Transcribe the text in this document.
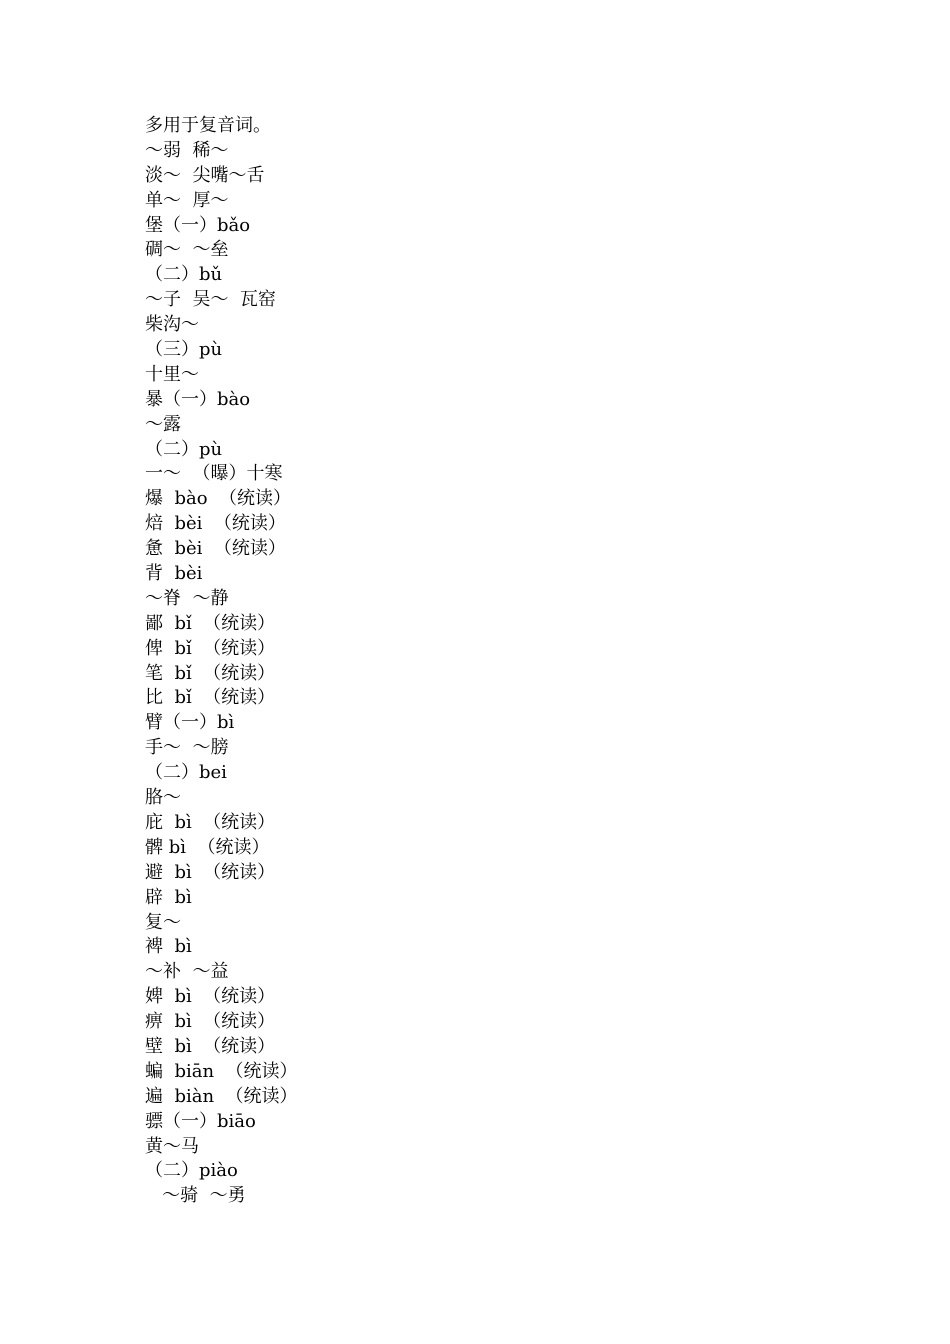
多用于复音词。
～弱  稀～
淡～  尖嘴～舌
单～  厚～
堡（一）bǎo
碉～  ～垒
（二）bǔ
～子  吴～  瓦窑
柴沟～
（三）pù
十里～
暴（一）bào
～露
（二）pù
一～  （曝）十寒
爆  bào  （统读）
焙  bèi  （统读）
惫  bèi  （统读）
背  bèi
～脊  ～静
鄙  bǐ  （统读）
俾  bǐ  （统读）
笔  bǐ  （统读）
比  bǐ  （统读）
臂（一）bì
手～  ～膀
（二）bei
胳～
庇  bì  （统读）
髀 bì  （统读）
避  bì  （统读）
辟  bì
复～
裨  bì
～补  ～益
婢  bì  （统读）
痹  bì  （统读）
壁  bì  （统读）
蝙  biān  （统读）
遍  biàn  （统读）
骠（一）biāo
黄～马
（二）piào
～骑  ～勇
